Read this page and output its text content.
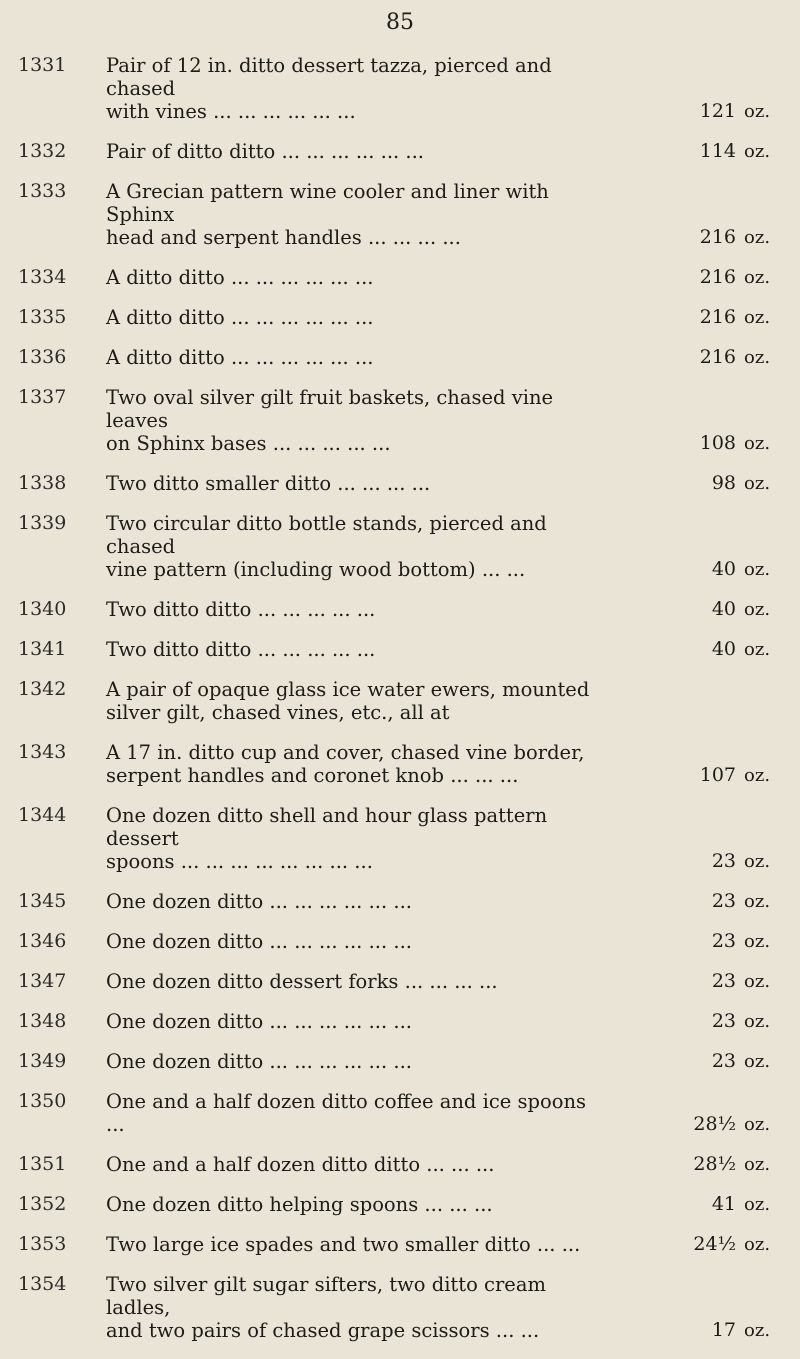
85
1331 Pair of 12 in. ditto dessert tazza, pierced and chased
with vines ... ... ... ... ... ...	121 oz.
1332 Pair of ditto ditto ... ... ... ... ... ...	114 oz.
1333 A Grecian pattern wine cooler and liner with Sphinx
head and serpent handles ... ... ... ...	216 oz.
1334 A ditto ditto ... ... ... ... ... ...	216 oz.
1335 A ditto ditto ... ... ... ... ... ...	216 oz.
1336 A ditto ditto ... ... ... ... ... ...	216 oz.
1337 Two oval silver gilt fruit baskets, chased vine leaves
on Sphinx bases ... ... ... ... ...	108 oz.
1338 Two ditto smaller ditto ... ... ... ...	98 oz.
1339 Two circular ditto bottle stands, pierced and chased
vine pattern (including wood bottom) ... ...	40 oz.
1340 Two ditto ditto ... ... ... ... ...	40 oz.
1341 Two ditto ditto ... ... ... ... ...	40 oz.
1342 A pair of opaque glass ice water ewers, mounted
silver gilt, chased vines, etc., all at
1343 A 17 in. ditto cup and cover, chased vine border,
serpent handles and coronet knob ... ... ...	107 oz.
1344 One dozen ditto shell and hour glass pattern dessert
spoons ... ... ... ... ... ... ... ...	23 oz.
1345 One dozen ditto ... ... ... ... ... ...	23 oz.
1346 One dozen ditto ... ... ... ... ... ...	23 oz.
1347 One dozen ditto dessert forks ... ... ... ...	23 oz.
1348 One dozen ditto ... ... ... ... ... ...	23 oz.
1349 One dozen ditto ... ... ... ... ... ...	23 oz.
1350 One and a half dozen ditto coffee and ice spoons ...	28½ oz.
1351 One and a half dozen ditto ditto ... ... ...	28½ oz.
1352 One dozen ditto helping spoons ... ... ...	41 oz.
1353 Two large ice spades and two smaller ditto ... ...	24½ oz.
1354 Two silver gilt sugar sifters, two ditto cream ladles,
and two pairs of chased grape scissors ... ...	17 oz.
